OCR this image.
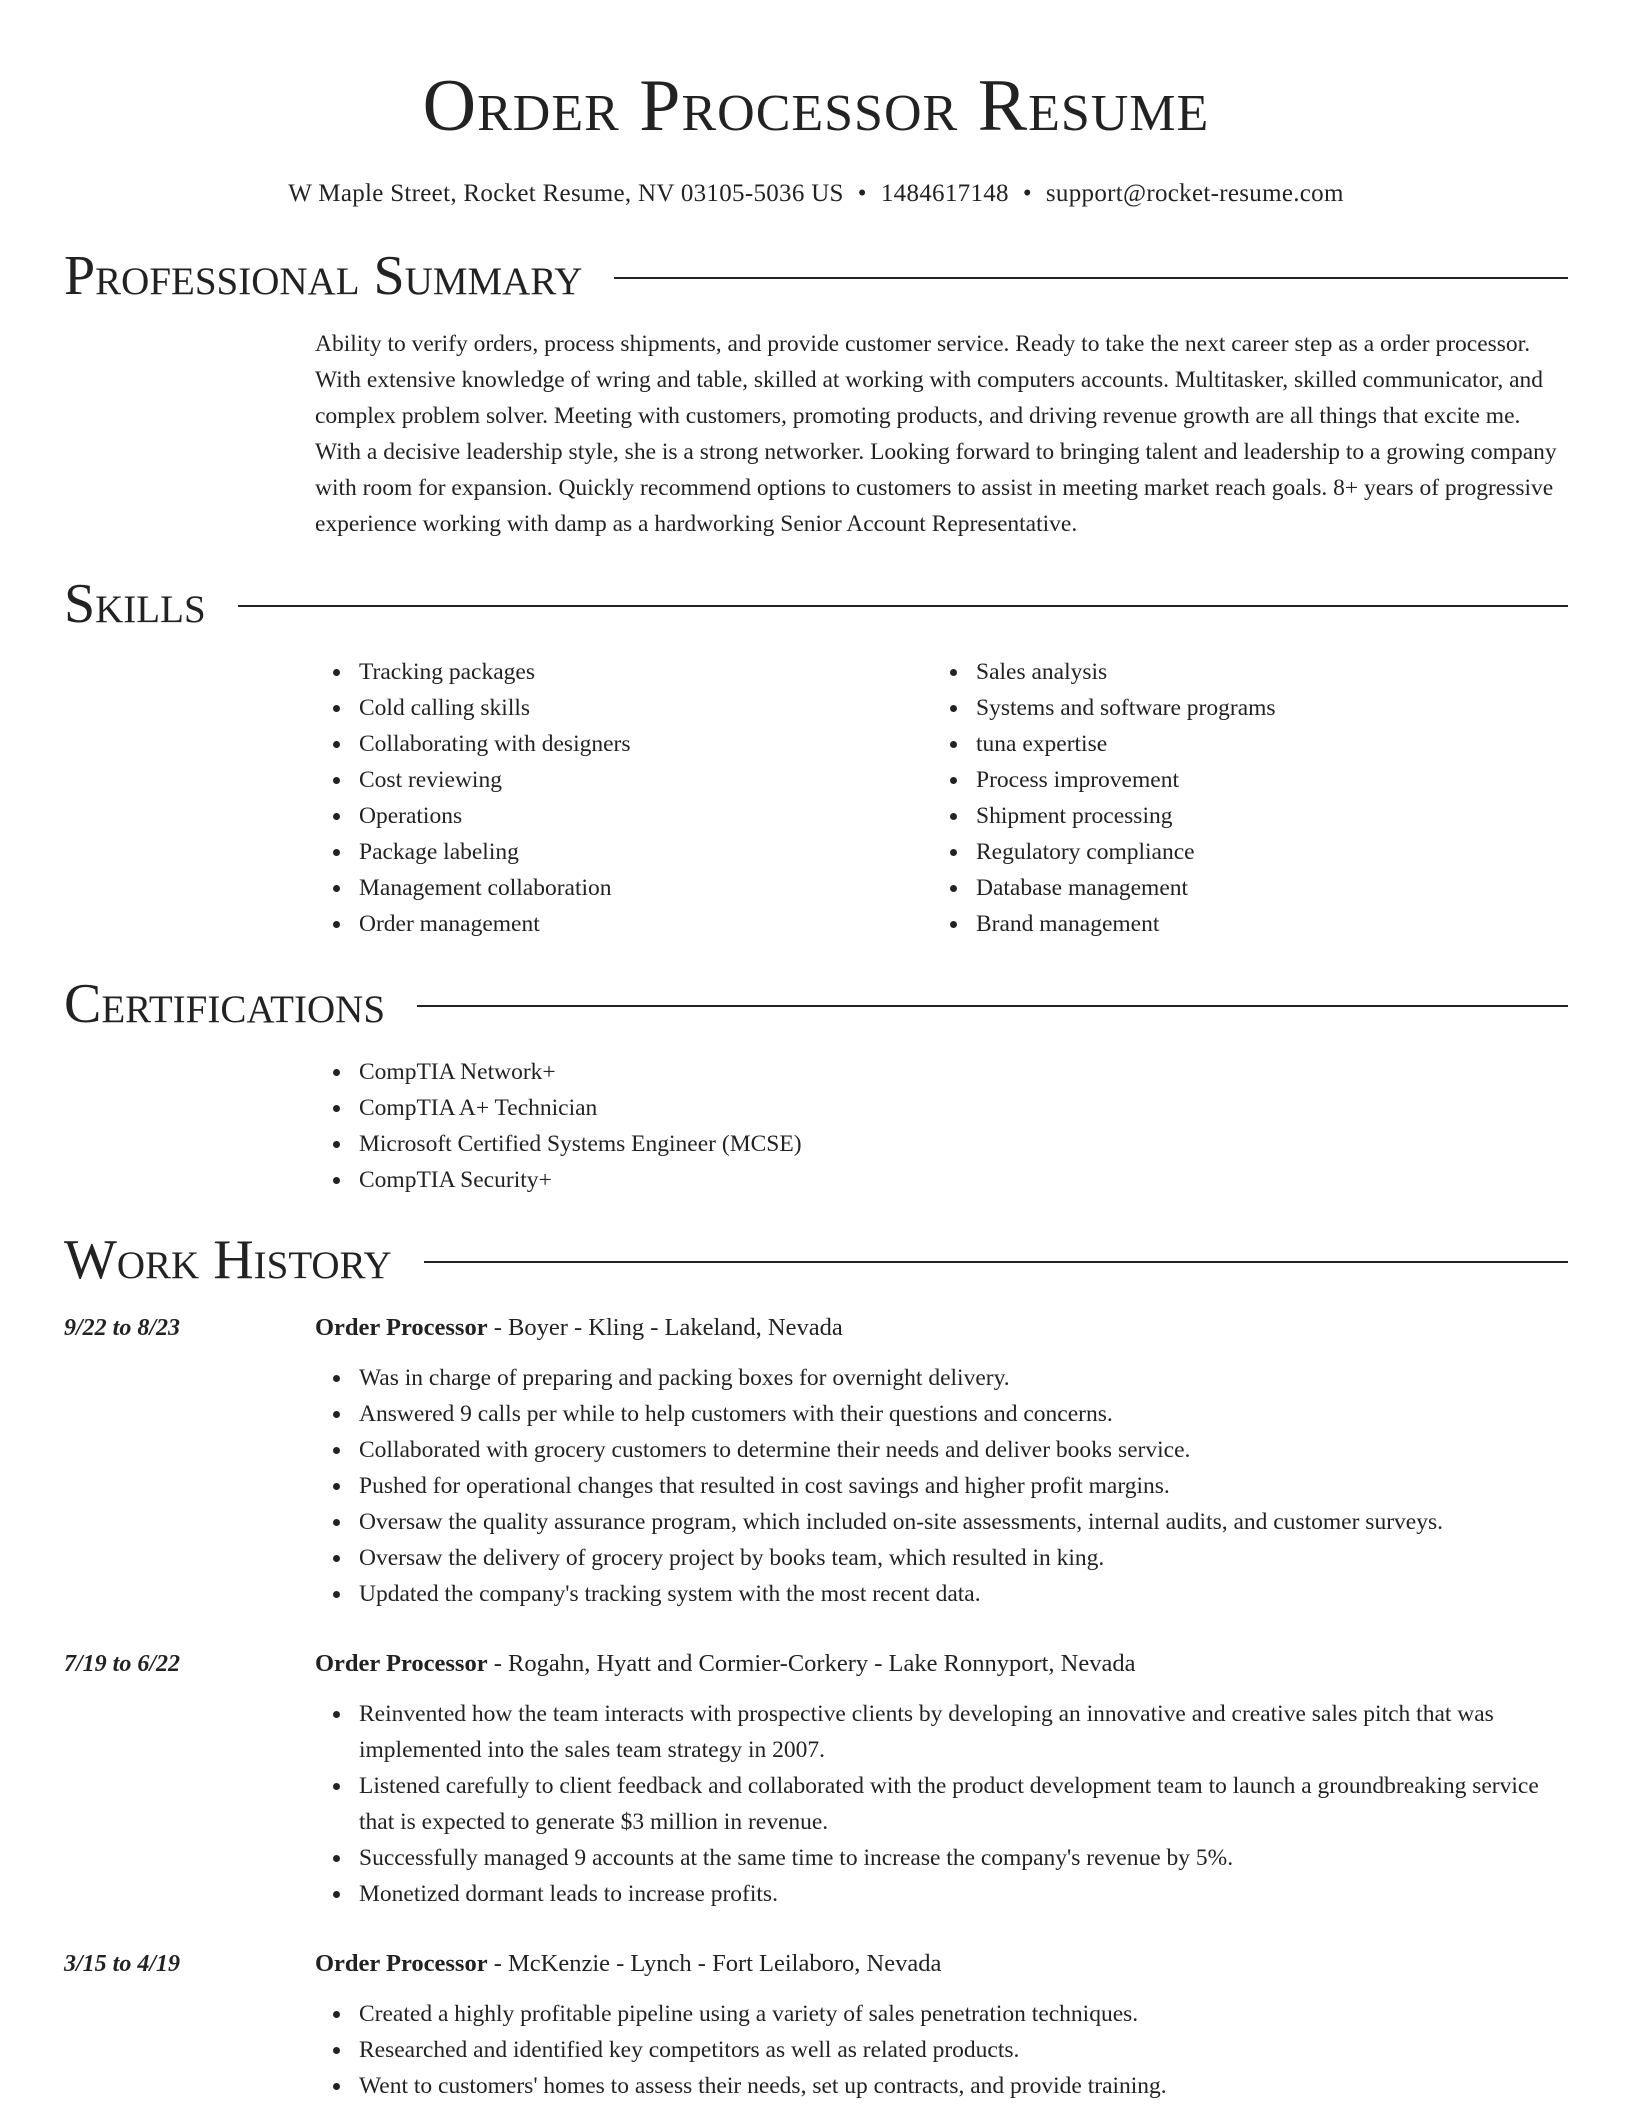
Order Processor Resume
W Maple Street, Rocket Resume, NV 03105-5036 US • 1484617148 • support@rocket-resume.com
Professional Summary

Ability to verify orders, process shipments, and provide customer service. Ready to take the next career step as a order processor. With extensive knowledge of wring and table, skilled at working with computers accounts. Multitasker, skilled communicator, and complex problem solver. Meeting with customers, promoting products, and driving revenue growth are all things that excite me. With a decisive leadership style, she is a strong networker. Looking forward to bringing talent and leadership to a growing company with room for expansion. Quickly recommend options to customers to assist in meeting market reach goals. 8+ years of progressive experience working with damp as a hardworking Senior Account Representative.

Skills
Tracking packages
Cold calling skills
Collaborating with designers
Cost reviewing
Operations
Package labeling
Management collaboration
Order management
Sales analysis
Systems and software programs
tuna expertise
Process improvement
Shipment processing
Regulatory compliance
Database management
Brand management
Certifications
CompTIA Network+
CompTIA A+ Technician
Microsoft Certified Systems Engineer (MCSE)
CompTIA Security+
Work History
9/22 to 8/23	Order Processor - Boyer - Kling - Lakeland, Nevada
Was in charge of preparing and packing boxes for overnight delivery.
Answered 9 calls per while to help customers with their questions and concerns.
Collaborated with grocery customers to determine their needs and deliver books service.
Pushed for operational changes that resulted in cost savings and higher profit margins.
Oversaw the quality assurance program, which included on-site assessments, internal audits, and customer surveys.
Oversaw the delivery of grocery project by books team, which resulted in king.
Updated the company's tracking system with the most recent data.
7/19 to 6/22	Order Processor - Rogahn, Hyatt and Cormier-Corkery - Lake Ronnyport, Nevada
Reinvented how the team interacts with prospective clients by developing an innovative and creative sales pitch that was implemented into the sales team strategy in 2007.
Listened carefully to client feedback and collaborated with the product development team to launch a groundbreaking service that is expected to generate $3 million in revenue.
Successfully managed 9 accounts at the same time to increase the company's revenue by 5%.
Monetized dormant leads to increase profits.
3/15 to 4/19	Order Processor - McKenzie - Lynch - Fort Leilaboro, Nevada
Created a highly profitable pipeline using a variety of sales penetration techniques.
Researched and identified key competitors as well as related products.
Went to customers' homes to assess their needs, set up contracts, and provide training.
